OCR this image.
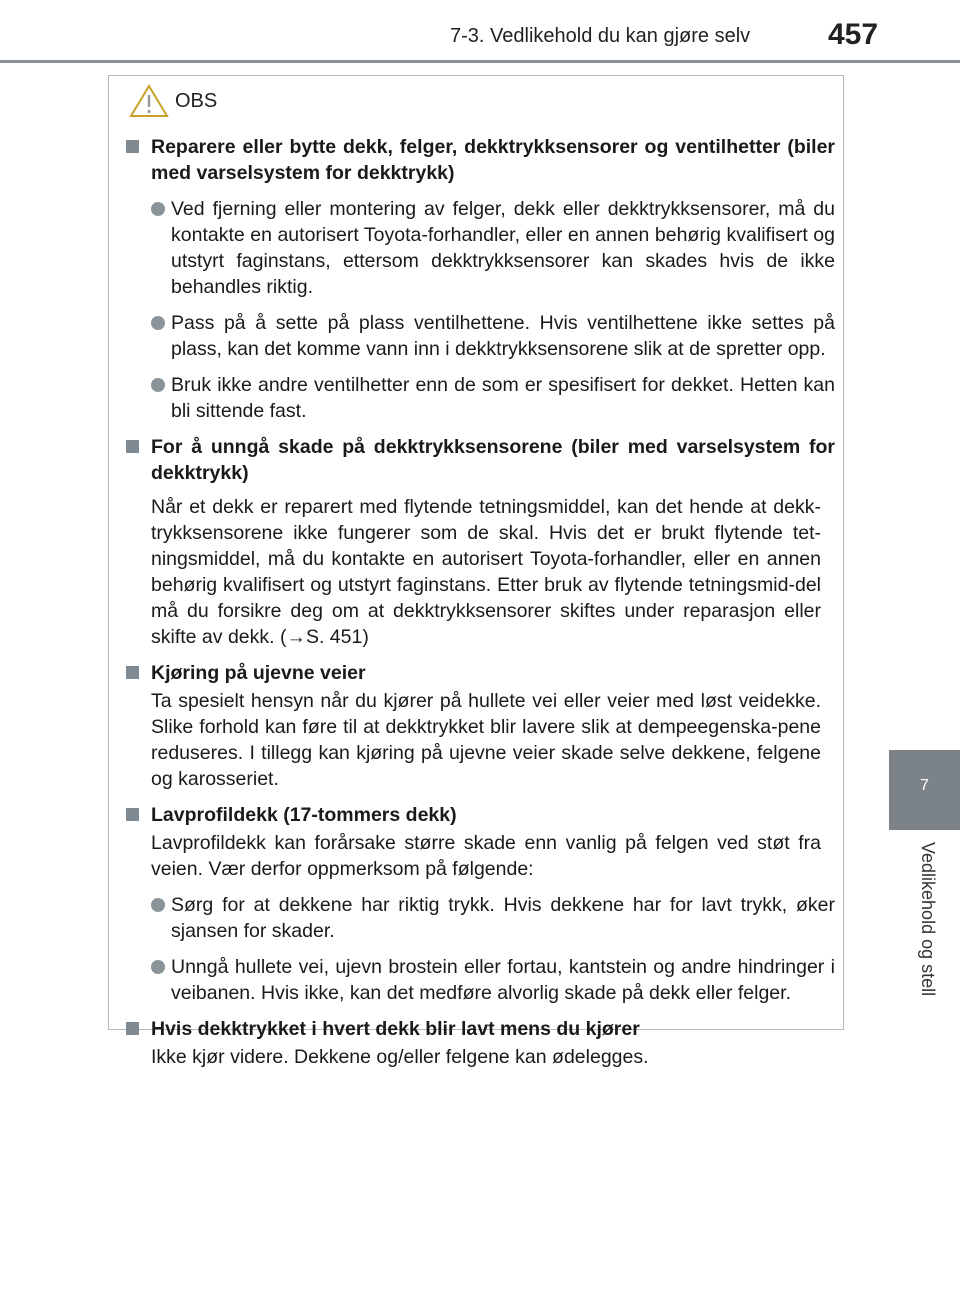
7-3. Vedlikehold du kan gjøre selv	457
7
Vedlikehold og stell
OBS
Reparere eller bytte dekk, felger, dekktrykksensorer og ventilhetter (biler med varselsystem for dekktrykk)
Ved fjerning eller montering av felger, dekk eller dekktrykksensorer, må du kontakte en autorisert Toyota-forhandler, eller en annen behørig kvalifisert og utstyrt faginstans, ettersom dekktrykksensorer kan skades hvis de ikke behandles riktig.
Pass på å sette på plass ventilhettene. Hvis ventilhettene ikke settes på plass, kan det komme vann inn i dekktrykksensorene slik at de spretter opp.
Bruk ikke andre ventilhetter enn de som er spesifisert for dekket. Hetten kan bli sittende fast.
For å unngå skade på dekktrykksensorene (biler med varselsystem for dekktrykk)
Når et dekk er reparert med flytende tetningsmiddel, kan det hende at dekk-trykksensorene ikke fungerer som de skal. Hvis det er brukt flytende tet-ningsmiddel, må du kontakte en autorisert Toyota-forhandler, eller en annen behørig kvalifisert og utstyrt faginstans. Etter bruk av flytende tetningsmid-del må du forsikre deg om at dekktrykksensorer skiftes under reparasjon eller skifte av dekk. (→S. 451)
Kjøring på ujevne veier
Ta spesielt hensyn når du kjører på hullete vei eller veier med løst veidekke. Slike forhold kan føre til at dekktrykket blir lavere slik at dempeegenska-pene reduseres. I tillegg kan kjøring på ujevne veier skade selve dekkene, felgene og karosseriet.
Lavprofildekk (17-tommers dekk)
Lavprofildekk kan forårsake større skade enn vanlig på felgen ved støt fra veien. Vær derfor oppmerksom på følgende:
Sørg for at dekkene har riktig trykk. Hvis dekkene har for lavt trykk, øker sjansen for skader.
Unngå hullete vei, ujevn brostein eller fortau, kantstein og andre hindringer i veibanen. Hvis ikke, kan det medføre alvorlig skade på dekk eller felger.
Hvis dekktrykket i hvert dekk blir lavt mens du kjører
Ikke kjør videre. Dekkene og/eller felgene kan ødelegges.
